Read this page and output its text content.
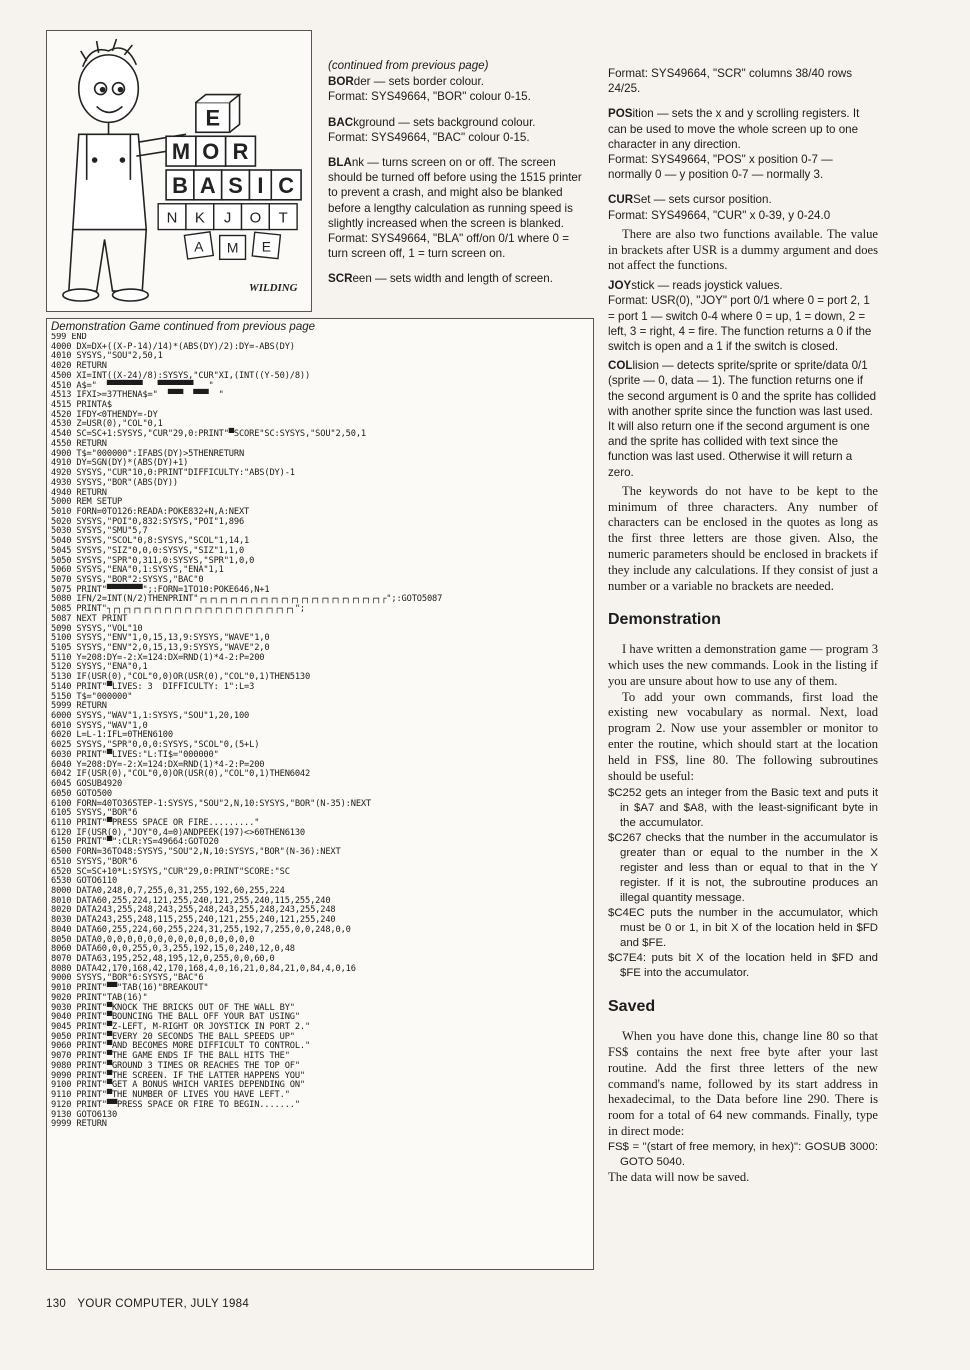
E
M O R
B A S I C
N K J O T
A M E
WILDING
(continued from previous page)

BORder — sets border colour.
Format: SYS49664, "BOR" colour 0-15.

BACkground — sets background colour.
Format: SYS49664, "BAC" colour 0-15.

BLAnk — turns screen on or off. The screen should be turned off before using the 1515 printer to prevent a crash, and might also be blanked before a lengthy calculation as running speed is slightly increased when the screen is blanked.
Format: SYS49664, "BLA" off/on 0/1 where 0 = turn screen off, 1 = turn screen on.

SCReen — sets width and length of screen.

Demonstration Game continued from previous page
599 END
4000 DX=DX+((X-P-14)/14)*(ABS(DY)/2):DY=-ABS(DY)
4010 SYSYS,"SOU"2,50,1
4020 RETURN
4500 XI=INT((X-24)/8):SYSYS,"CUR"XI,(INT((Y-50)/8))
4510 A$="  ▀▀▀▀▀▀▀   ▀▀▀▀▀▀▀   "
4513 IFXI>=37THENA$="  ▀▀▀  ▀▀▀  "
4515 PRINTA$
4520 IFDY<0THENDY=-DY
4530 Z=USR(0),"COL"0,1
4540 SC=SC+1:SYSYS,"CUR"29,0:PRINT"▀SCORE"SC:SYSYS,"SOU"2,50,1
4550 RETURN
4900 T$="000000":IFABS(DY)>5THENRETURN
4910 DY=SGN(DY)*(ABS(DY)+1)
4920 SYSYS,"CUR"10,0:PRINT"DIFFICULTY:"ABS(DY)-1
4930 SYSYS,"BOR"(ABS(DY))
4940 RETURN
5000 REM SETUP
5010 FORN=0TO126:READA:POKE832+N,A:NEXT
5020 SYSYS,"POI"0,832:SYSYS,"POI"1,896
5030 SYSYS,"SMU"5,7
5040 SYSYS,"SCOL"0,8:SYSYS,"SCOL"1,14,1
5045 SYSYS,"SIZ"0,0,0:SYSYS,"SIZ"1,1,0
5050 SYSYS,"SPR"0,311,0:SYSYS,"SPR"1,0,0
5060 SYSYS,"ENA"0,1:SYSYS,"ENA"1,1
5070 SYSYS,"BOR"2:SYSYS,"BAC"0
5075 PRINT"▀▀▀▀▀▀▀";:FORN=1TO10:POKE646,N+1
5080 IFN/2=INT(N/2)THENPRINT"┌┐┌┐┌┐┌┐┌┐┌┐┌┐┌┐┌┐┌┐┌┐┌┐┌┐┌┐┌┐┌┐┌┐┌┐┌";:GOTO5087
5085 PRINT"┐┌┐┌┐┌┐┌┐┌┐┌┐┌┐┌┐┌┐┌┐┌┐┌┐┌┐┌┐┌┐┌┐┌┐┌┐";
5087 NEXT PRINT
5090 SYSYS,"VOL"10
5100 SYSYS,"ENV"1,0,15,13,9:SYSYS,"WAVE"1,0
5105 SYSYS,"ENV"2,0,15,13,9:SYSYS,"WAVE"2,0
5110 Y=208:DY=-2:X=124:DX=RND(1)*4-2:P=200
5120 SYSYS,"ENA"0,1
5130 IF(USR(0),"COL"0,0)OR(USR(0),"COL"0,1)THEN5130
5140 PRINT"▀LIVES: 3  DIFFICULTY: 1":L=3
5150 T$="000000"
5999 RETURN
6000 SYSYS,"WAV"1,1:SYSYS,"SOU"1,20,100
6010 SYSYS,"WAV"1,0
6020 L=L-1:IFL=0THEN6100
6025 SYSYS,"SPR"0,0,0:SYSYS,"SCOL"0,(5+L)
6030 PRINT"▀LIVES:"L:TI$="000000"
6040 Y=208:DY=-2:X=124:DX=RND(1)*4-2:P=200
6042 IF(USR(0),"COL"0,0)OR(USR(0),"COL"0,1)THEN6042
6045 GOSUB4920
6050 GOTO500
6100 FORN=40TO36STEP-1:SYSYS,"SOU"2,N,10:SYSYS,"BOR"(N-35):NEXT
6105 SYSYS,"BOR"6
6110 PRINT"▀PRESS SPACE OR FIRE........."
6120 IF(USR(0),"JOY"0,4=0)ANDPEEK(197)<>60THEN6130
6150 PRINT"▀":CLR:YS=49664:GOTO20
6500 FORN=36TO48:SYSYS,"SOU"2,N,10:SYSYS,"BOR"(N-36):NEXT
6510 SYSYS,"BOR"6
6520 SC=SC+10*L:SYSYS,"CUR"29,0:PRINT"SCORE:"SC
6530 GOTO6110
8000 DATA0,248,0,7,255,0,31,255,192,60,255,224
8010 DATA60,255,224,121,255,240,121,255,240,115,255,240
8020 DATA243,255,248,243,255,248,243,255,248,243,255,248
8030 DATA243,255,248,115,255,240,121,255,240,121,255,240
8040 DATA60,255,224,60,255,224,31,255,192,7,255,0,0,248,0,0
8050 DATA0,0,0,0,0,0,0,0,0,0,0,0,0,0,0,0
8060 DATA60,0,0,255,0,3,255,192,15,0,240,12,0,48
8070 DATA63,195,252,48,195,12,0,255,0,0,60,0
8080 DATA42,170,168,42,170,168,4,0,16,21,0,84,21,0,84,4,0,16
9000 SYSYS,"BOR"6:SYSYS,"BAC"6
9010 PRINT"▀▀"TAB(16)"BREAKOUT"
9020 PRINT"TAB(16)"
9030 PRINT"▀KNOCK THE BRICKS OUT OF THE WALL BY"
9040 PRINT"▀BOUNCING THE BALL OFF YOUR BAT USING"
9045 PRINT"▀Z-LEFT, M-RIGHT OR JOYSTICK IN PORT 2."
9050 PRINT"▀EVERY 20 SECONDS THE BALL SPEEDS UP"
9060 PRINT"▀AND BECOMES MORE DIFFICULT TO CONTROL."
9070 PRINT"▀THE GAME ENDS IF THE BALL HITS THE"
9080 PRINT"▀GROUND 3 TIMES OR REACHES THE TOP OF"
9090 PRINT"▀THE SCREEN. IF THE LATTER HAPPENS YOU"
9100 PRINT"▀GET A BONUS WHICH VARIES DEPENDING ON"
9110 PRINT"▀THE NUMBER OF LIVES YOU HAVE LEFT."
9120 PRINT"▀▀PRESS SPACE OR FIRE TO BEGIN......."
9130 GOTO6130
9999 RETURN

Format: SYS49664, "SCR" columns 38/40 rows 24/25.

POSition — sets the x and y scrolling registers. It can be used to move the whole screen up to one character in any direction.
Format: SYS49664, "POS" x position 0-7 — normally 0 — y position 0-7 — normally 3.

CURSet — sets cursor position.
Format: SYS49664, "CUR" x 0-39, y 0-24.0

There are also two functions available. The value in brackets after USR is a dummy argument and does not affect the functions.

JOYstick — reads joystick values.
Format: USR(0), "JOY" port 0/1 where 0 = port 2, 1 = port 1 — switch 0-4 where 0 = up, 1 = down, 2 = left, 3 = right, 4 = fire. The function returns a 0 if the switch is open and a 1 if the switch is closed.

COLlision — detects sprite/sprite or sprite/data 0/1 (sprite — 0, data — 1). The function returns one if the second argument is 0 and the sprite has collided with another sprite since the function was last used. It will also return one if the second argument is one and the sprite has collided with text since the function was last used. Otherwise it will return a zero.

The keywords do not have to be kept to the minimum of three characters. Any number of characters can be enclosed in the quotes as long as the first three letters are those given. Also, the numeric parameters should be enclosed in brackets if they include any calculations. If they consist of just a number or a variable no brackets are needed.

Demonstration

I have written a demonstration game — program 3 which uses the new commands. Look in the listing if you are unsure about how to use any of them.

To add your own commands, first load the existing new vocabulary as normal. Next, load program 2. Now use your assembler or monitor to enter the routine, which should start at the location held in FS$, line 80. The following subroutines should be useful:

$C252 gets an integer from the Basic text and puts it in $A7 and $A8, with the least-significant byte in the accumulator.

$C267 checks that the number in the accumulator is greater than or equal to the number in the X register and less than or equal to that in the Y register. If it is not, the subroutine produces an illegal quantity message.

$C4EC puts the number in the accumulator, which must be 0 or 1, in bit X of the location held in $FD and $FE.

$C7E4: puts bit X of the location held in $FD and $FE into the accumulator.

Saved

When you have done this, change line 80 so that FS$ contains the next free byte after your last routine. Add the first three letters of the new command's name, followed by its start address in hexadecimal, to the Data before line 290. There is room for a total of 64 new commands. Finally, type in direct mode:

FS$ = "(start of free memory, in hex)": GOSUB 3000: GOTO 5040.

The data will now be saved.

130 YOUR COMPUTER, JULY 1984
